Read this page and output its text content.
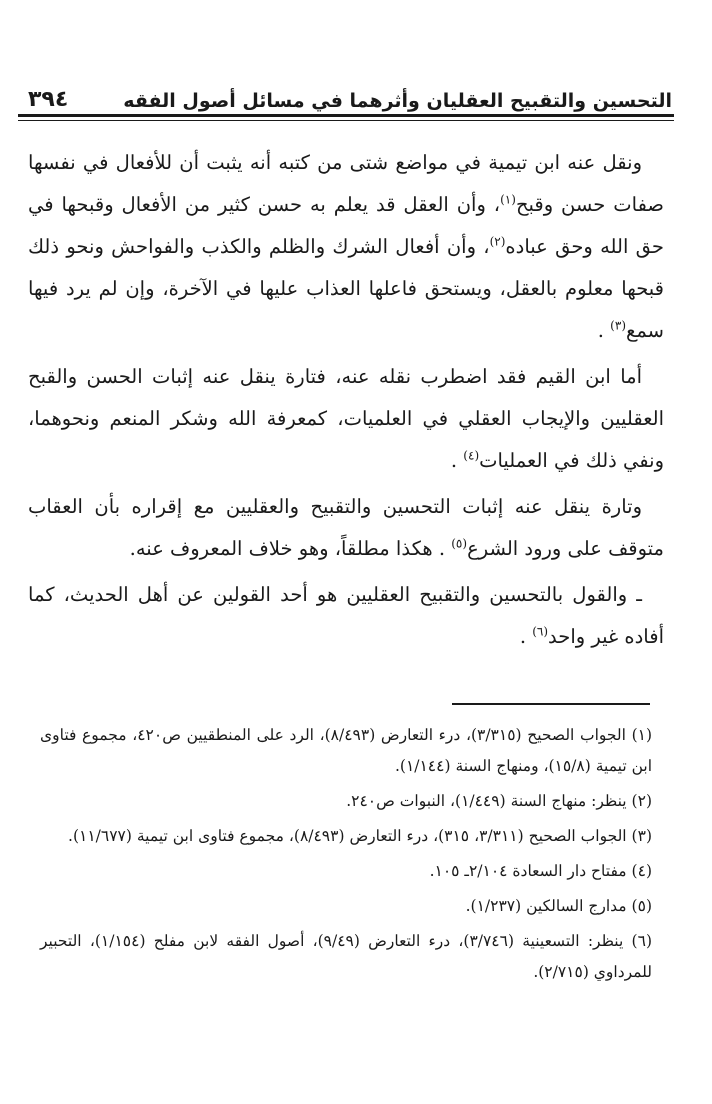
التحسين والتقبيح العقليان وأثرهما في مسائل أصول الفقه
٣٩٤

ونقل عنه ابن تيمية في مواضع شتى من كتبه أنه يثبت أن للأفعال في نفسها صفات حسن وقبح$^{(١)}$، وأن العقل قد يعلم به حسن كثير من الأفعال وقبحها في حق الله وحق عباده$^{(٢)}$، وأن أفعال الشرك والظلم والكذب والفواحش ونحو ذلك قبحها معلوم بالعقل، ويستحق فاعلها العذاب عليها في الآخرة، وإن لم يرد فيها سمع$^{(٣)}$ .

أما ابن القيم فقد اضطرب نقله عنه، فتارة ينقل عنه إثبات الحسن والقبح العقليين والإيجاب العقلي في العلميات، كمعرفة الله وشكر المنعم ونحوهما، ونفي ذلك في العمليات$^{(٤)}$ .

وتارة ينقل عنه إثبات التحسين والتقبيح والعقليين مع إقراره بأن العقاب متوقف على ورود الشرع$^{(٥)}$ . هكذا مطلقاً، وهو خلاف المعروف عنه.

ـ والقول بالتحسين والتقبيح العقليين هو أحد القولين عن أهل الحديث، كما أفاده غير واحد$^{(٦)}$ .

(١) الجواب الصحيح (٣/٣١٥)، درء التعارض (٨/٤٩٣)، الرد على المنطقيين ص٤٢٠، مجموع فتاوى ابن تيمية (١٥/٨)، ومنهاج السنة (١/١٤٤).

(٢) ينظر: منهاج السنة (١/٤٤٩)، النبوات ص٢٤٠.

(٣) الجواب الصحيح (٣/٣١١، ٣١٥)، درء التعارض (٨/٤٩٣)، مجموع فتاوى ابن تيمية (١١/٦٧٧).

(٤) مفتاح دار السعادة ٢/١٠٤ـ ١٠٥.

(٥) مدارج السالكين (١/٢٣٧).

(٦) ينظر: التسعينية (٣/٧٤٦)، درء التعارض (٩/٤٩)، أصول الفقه لابن مفلح (١/١٥٤)، التحبير للمرداوي (٢/٧١٥).
